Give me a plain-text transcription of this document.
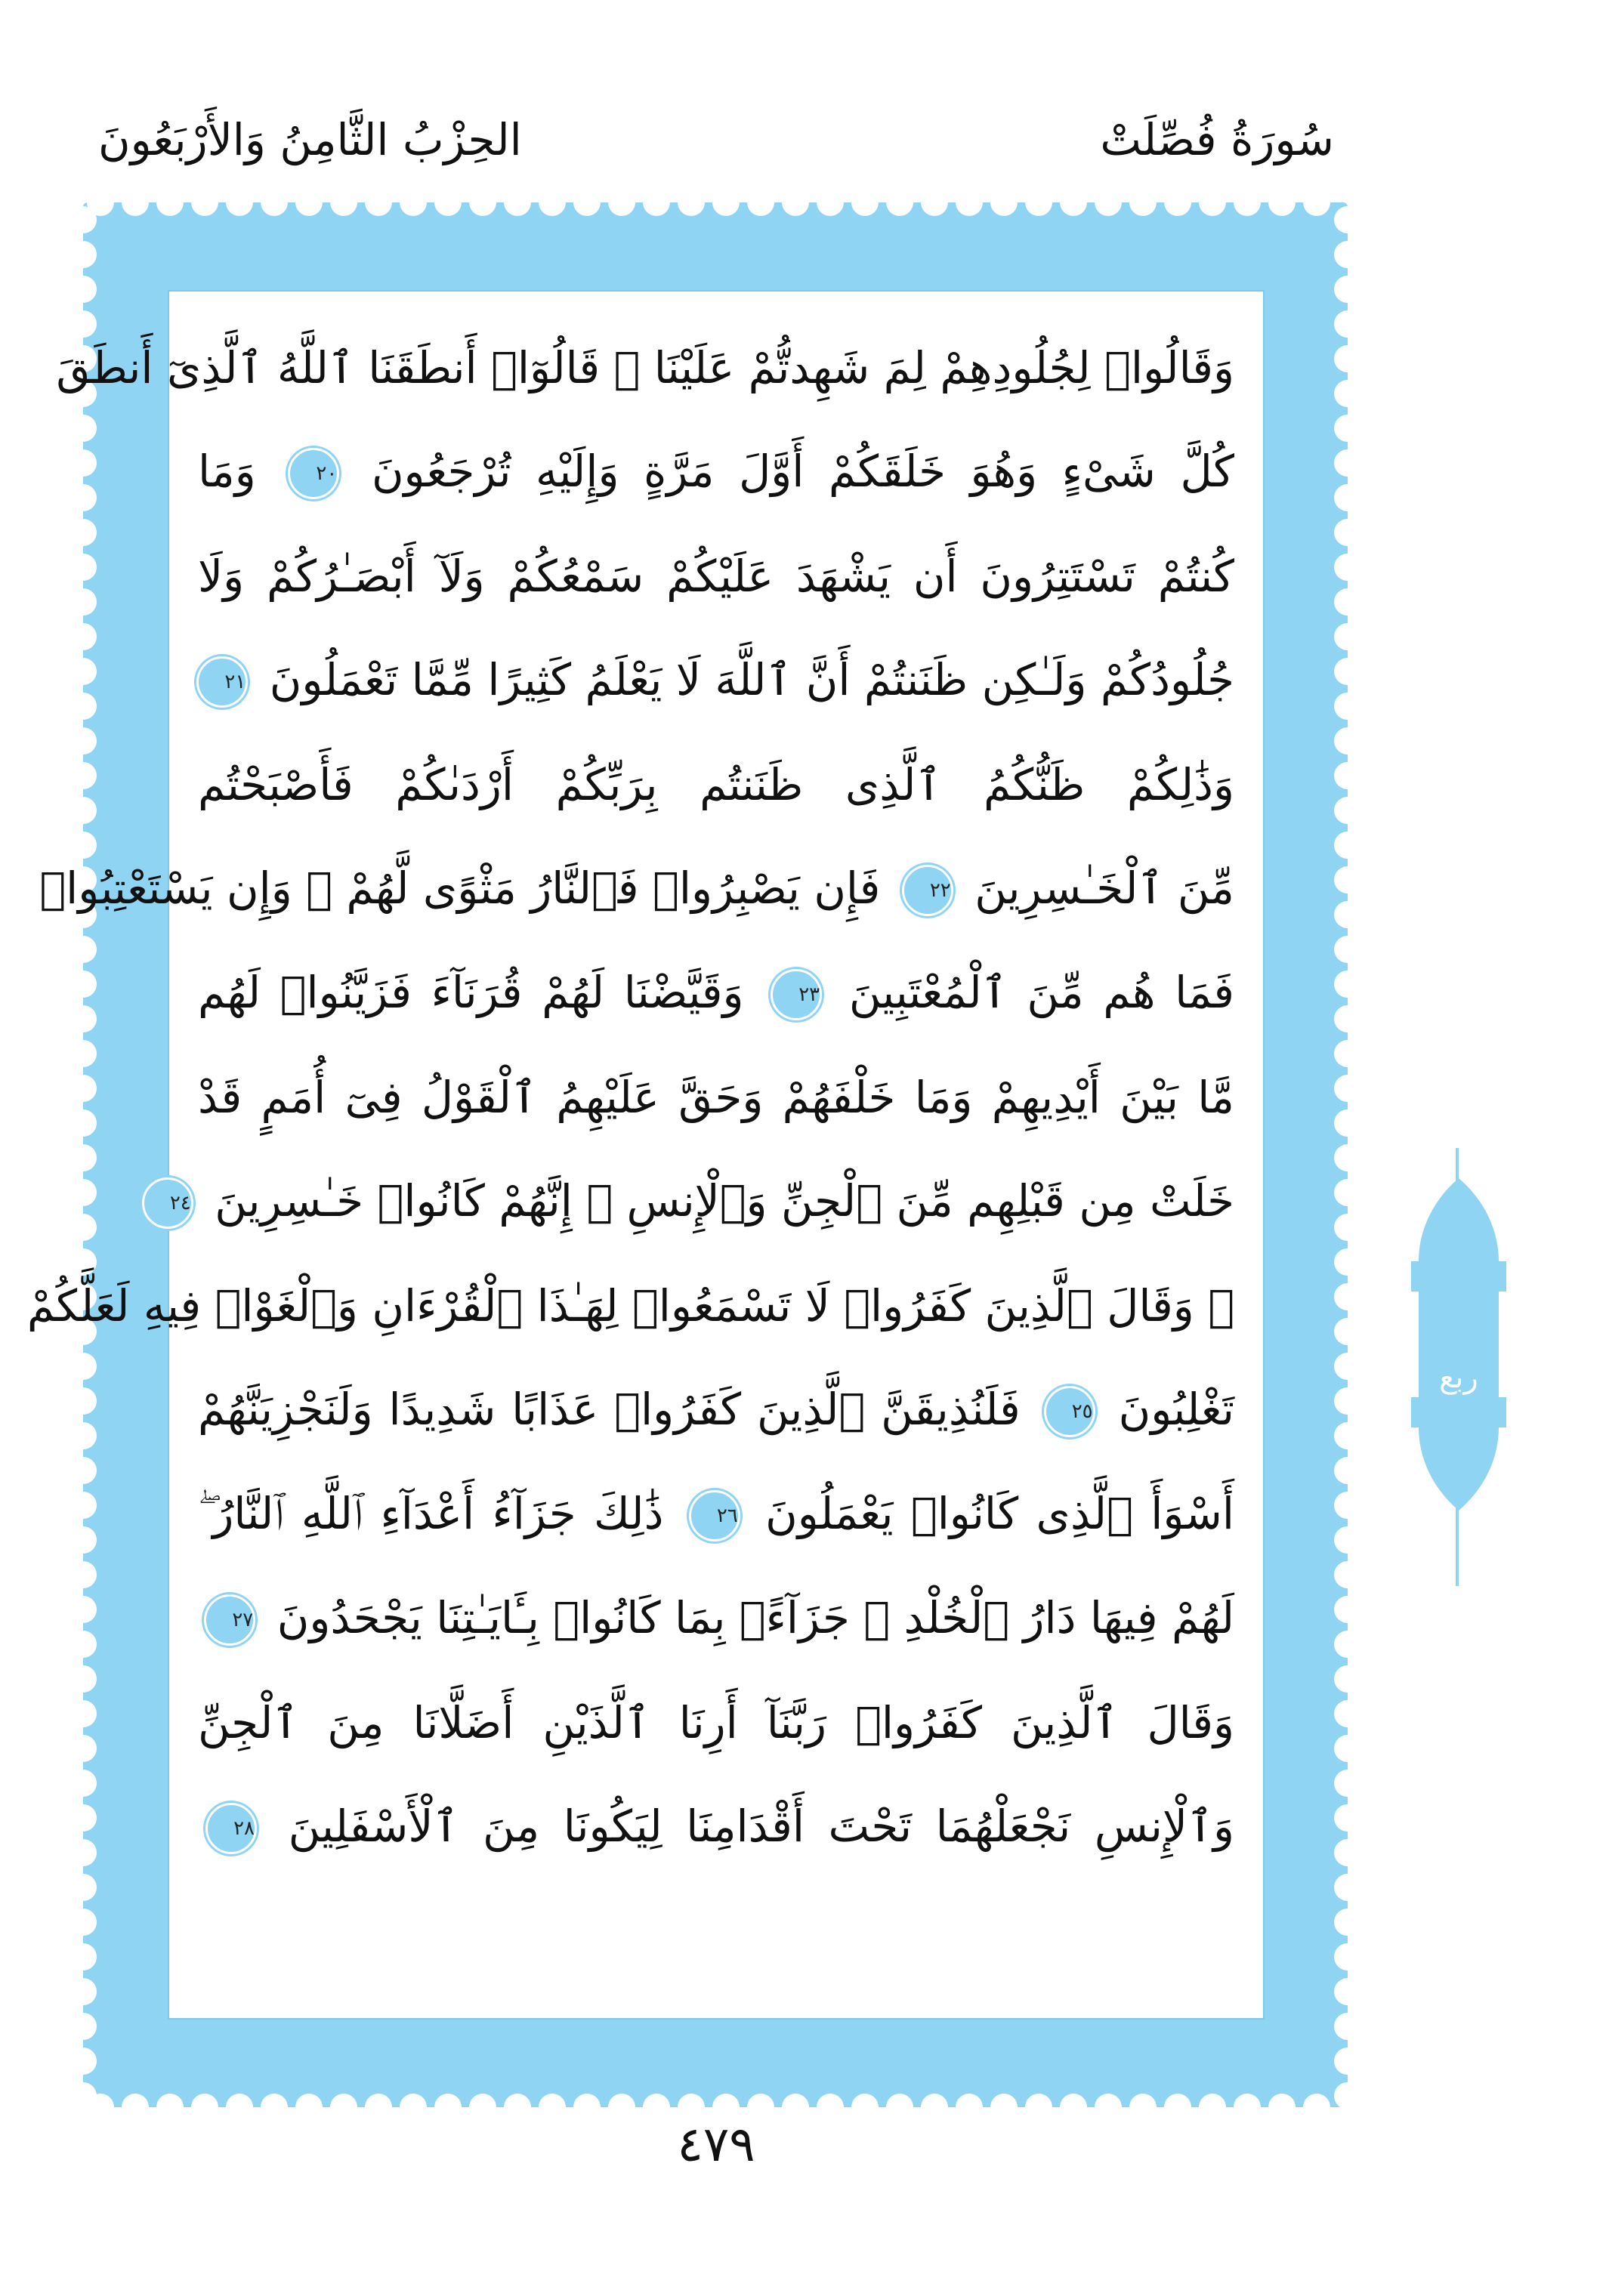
سُورَةُ فُصِّلَتْ
الحِزْبُ الثَّامِنُ وَالأَرْبَعُونَ
وَقَالُوا۟ لِجُلُودِهِمْ لِمَ شَهِدتُّمْ عَلَيْنَا ۖ قَالُوٓا۟ أَنطَقَنَا ٱللَّهُ ٱلَّذِىٓ أَنطَقَ
كُلَّ شَىْءٍ وَهُوَ خَلَقَكُمْ أَوَّلَ مَرَّةٍ وَإِلَيْهِ تُرْجَعُونَ ٢٠ وَمَا
كُنتُمْ تَسْتَتِرُونَ أَن يَشْهَدَ عَلَيْكُمْ سَمْعُكُمْ وَلَآ أَبْصَـٰرُكُمْ وَلَا
جُلُودُكُمْ وَلَـٰكِن ظَنَنتُمْ أَنَّ ٱللَّهَ لَا يَعْلَمُ كَثِيرًا مِّمَّا تَعْمَلُونَ ٢١
وَذَٰلِكُمْ ظَنُّكُمُ ٱلَّذِى ظَنَنتُم بِرَبِّكُمْ أَرْدَىٰكُمْ فَأَصْبَحْتُم
مِّنَ ٱلْخَـٰسِرِينَ ٢٢ فَإِن يَصْبِرُوا۟ فَٱلنَّارُ مَثْوًى لَّهُمْ ۖ وَإِن يَسْتَعْتِبُوا۟
فَمَا هُم مِّنَ ٱلْمُعْتَبِينَ ٢٣ وَقَيَّضْنَا لَهُمْ قُرَنَآءَ فَزَيَّنُوا۟ لَهُم
مَّا بَيْنَ أَيْدِيهِمْ وَمَا خَلْفَهُمْ وَحَقَّ عَلَيْهِمُ ٱلْقَوْلُ فِىٓ أُمَمٍ قَدْ
خَلَتْ مِن قَبْلِهِم مِّنَ ٱلْجِنِّ وَٱلْإِنسِ ۖ إِنَّهُمْ كَانُوا۟ خَـٰسِرِينَ ٢٤
۞ وَقَالَ ٱلَّذِينَ كَفَرُوا۟ لَا تَسْمَعُوا۟ لِهَـٰذَا ٱلْقُرْءَانِ وَٱلْغَوْا۟ فِيهِ لَعَلَّكُمْ
تَغْلِبُونَ ٢٥ فَلَنُذِيقَنَّ ٱلَّذِينَ كَفَرُوا۟ عَذَابًا شَدِيدًا وَلَنَجْزِيَنَّهُمْ
أَسْوَأَ ٱلَّذِى كَانُوا۟ يَعْمَلُونَ ٢٦ ذَٰلِكَ جَزَآءُ أَعْدَآءِ ٱللَّهِ ٱلنَّارُ ۖ
لَهُمْ فِيهَا دَارُ ٱلْخُلْدِ ۖ جَزَآءًۢ بِمَا كَانُوا۟ بِـَٔايَـٰتِنَا يَجْحَدُونَ ٢٧
وَقَالَ ٱلَّذِينَ كَفَرُوا۟ رَبَّنَآ أَرِنَا ٱلَّذَيْنِ أَضَلَّانَا مِنَ ٱلْجِنِّ
وَٱلْإِنسِ نَجْعَلْهُمَا تَحْتَ أَقْدَامِنَا لِيَكُونَا مِنَ ٱلْأَسْفَلِينَ ٢٨
ربع
٤٧٩
